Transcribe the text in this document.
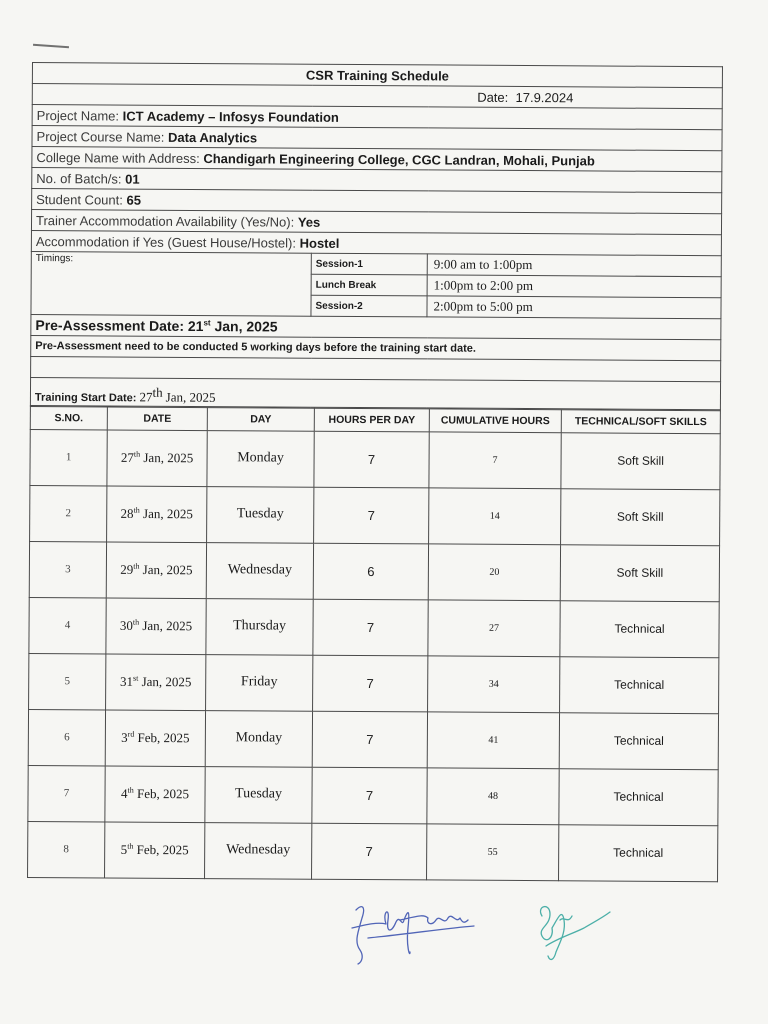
CSR Training Schedule		
Date: 17.9.2024		
Project Name: ICT Academy – Infosys Foundation		
Project Course Name: Data Analytics		
College Name with Address: Chandigarh Engineering College, CGC Landran, Mohali, Punjab		
No. of Batch/s: 01		
Student Count: 65		
Trainer Accommodation Availability (Yes/No): Yes		
Accommodation if Yes (Guest House/Hostel): Hostel		
Timings:	Session-1	9:00 am to 1:00pm
	Lunch Break	1:00pm to 2:00 pm
	Session-2	2:00pm to 5:00 pm
Pre-Assessment Date: 21st Jan, 2025		
Pre-Assessment need to be conducted 5 working days before the training start date.		

Training Start Date: 27th Jan, 2025		
S.NO.	DATE	DAY	HOURS PER DAY	CUMULATIVE HOURS	TECHNICAL/SOFT SKILLS
1	27th Jan, 2025	Monday	7	7	Soft Skill
2	28th Jan, 2025	Tuesday	7	14	Soft Skill
3	29th Jan, 2025	Wednesday	6	20	Soft Skill
4	30th Jan, 2025	Thursday	7	27	Technical
5	31st Jan, 2025	Friday	7	34	Technical
6	3rd Feb, 2025	Monday	7	41	Technical
7	4th Feb, 2025	Tuesday	7	48	Technical
8	5th Feb, 2025	Wednesday	7	55	Technical
